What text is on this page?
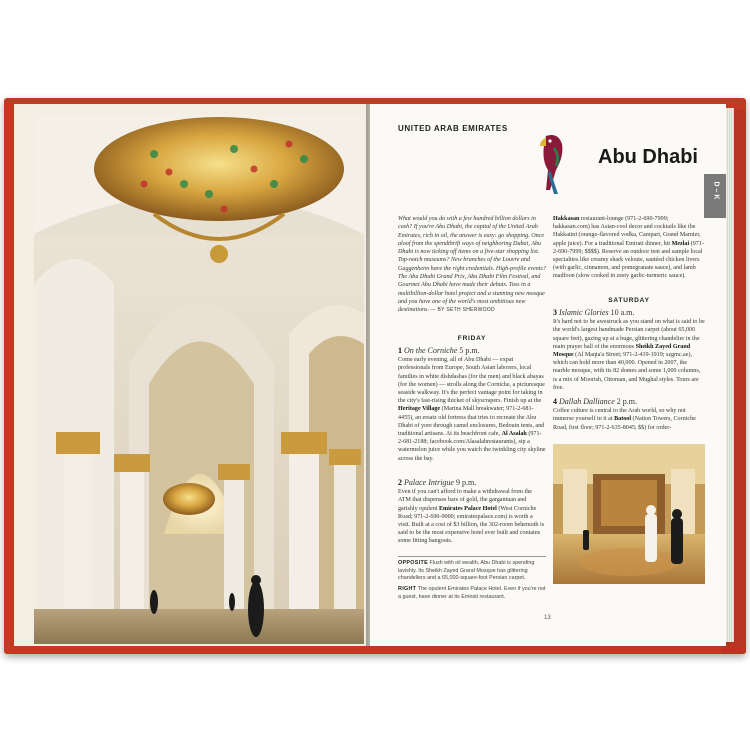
UNITED ARAB EMIRATES
Abu Dhabi
D – K
What would you do with a few hundred billion dollars in cash? If you're Abu Dhabi, the capital of the United Arab Emirates, rich in oil, the answer is easy: go shopping. Once aloof from the spendthrift ways of neighboring Dubai, Abu Dhabi is now ticking off items on a five-star shopping list. Top-notch museums? New branches of the Louvre and Guggenheim have the right credentials. High-profile events? The Abu Dhabi Grand Prix, Abu Dhabi Film Festival, and Gourmet Abu Dhabi have made their debuts. Toss in a multibillion-dollar hotel project and a stunning new mosque and you have one of the world's most ambitious new destinations. — BY SETH SHERWOOD
FRIDAY
1 On the Corniche 5 p.m.
Come early evening, all of Abu Dhabi — expat professionals from Europe, South Asian laborers, local families in white dishdashas (for the men) and black abayas (for the women) — strolls along the Corniche, a picturesque seaside walkway. It's the perfect vantage point for taking in the city's fast-rising thicket of skyscrapers. Finish up at the Heritage Village (Marina Mall breakwater; 971-2-681-4455), an ersatz old fortress that tries to recreate the Abu Dhabi of yore through camel enclosures, Bedouin tents, and traditional artisans. At its beachfront cafe, Al Asalah (971-2-681-2188; facebook.com/Alasalahrestaurants), sip a watermelon juice while you watch the twinkling city skyline across the bay.
2 Palace Intrigue 9 p.m.
Even if you can't afford to make a withdrawal from the ATM that dispenses bars of gold, the gargantuan and garishly opulent Emirates Palace Hotel (West Corniche Road; 971-2-690-9000; emiratespalace.com) is worth a visit. Built at a cost of $3 billion, the 302-room behemoth is said to be the most expensive hotel ever built and contains some fitting hangouts.
OPPOSITE Flush with oil wealth, Abu Dhabi is spending lavishly. Its Sheikh Zayed Grand Mosque has glittering chandeliers and a 65,000-square-foot Persian carpet.
RIGHT The opulent Emirates Palace Hotel. Even if you're not a guest, have dinner at its Emirati restaurant.
Hakkasan restaurant-lounge (971-2-690-7999; hakkasan.com) has Asian-cool decor and cocktails like the Hakkatini (orange-flavored vodka, Campari, Grand Marnier, apple juice). For a traditional Emirati dinner, hit Mezlai (971-2-690-7999; $$$$). Reserve an outdoor tent and sample local specialties like creamy shark veloute, sautéed chicken livers (with garlic, cinnamon, and pomegranate sauce), and lamb madfoon (slow cooked in zesty garlic-turmeric sauce).
SATURDAY
3 Islamic Glories 10 a.m.
It's hard not to be awestruck as you stand on what is said to be the world's largest handmade Persian carpet (about 65,000 square feet), gazing up at a huge, glittering chandelier in the main prayer hall of the enormous Sheikh Zayed Grand Mosque (Al Maqta'a Street; 971-2-419-1919; szgmc.ae), which can hold more than 40,000. Opened in 2007, the marble mosque, with its 82 domes and some 1,000 columns, is a mix of Moorish, Ottoman, and Mughal styles. Tours are free.
4 Dallah Dalliance 2 p.m.
Coffee culture is central to the Arab world, so why not immerse yourself in it at Batool (Nation Towers, Corniche Road, first floor; 971-2-635-8045; $$) for order-
13
